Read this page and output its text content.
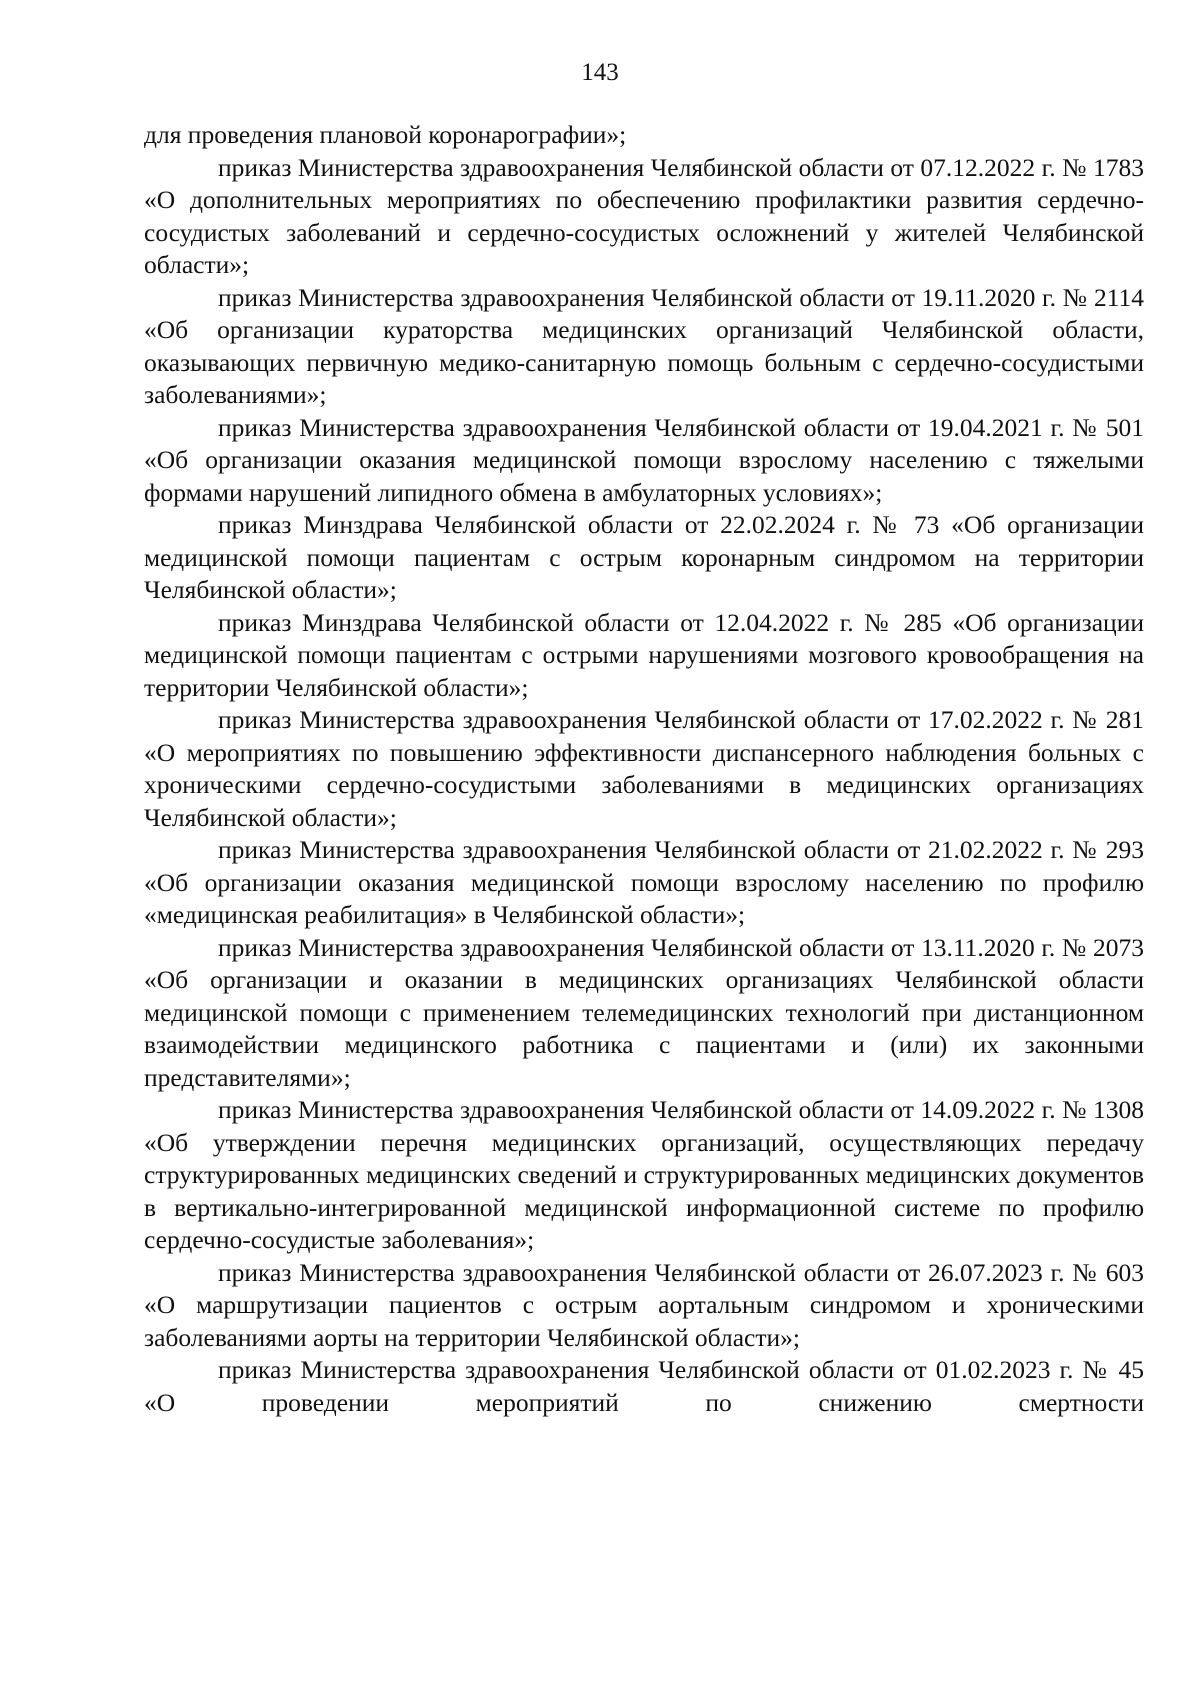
143

для проведения плановой коронарографии»;

приказ Министерства здравоохранения Челябинской области от 07.12.2022 г. № 1783 «О дополнительных мероприятиях по обеспечению профилактики развития сердечно-сосудистых заболеваний и сердечно-сосудистых осложнений у жителей Челябинской области»;

приказ Министерства здравоохранения Челябинской области от 19.11.2020 г. № 2114 «Об организации кураторства медицинских организаций Челябинской области, оказывающих первичную медико-санитарную помощь больным с сердечно-сосудистыми заболеваниями»;

приказ Министерства здравоохранения Челябинской области от 19.04.2021 г. № 501 «Об организации оказания медицинской помощи взрослому населению с тяжелыми формами нарушений липидного обмена в амбулаторных условиях»;

приказ Минздрава Челябинской области от 22.02.2024 г. № 73 «Об организации медицинской помощи пациентам с острым коронарным синдромом на территории Челябинской области»;

приказ Минздрава Челябинской области от 12.04.2022 г. № 285 «Об организации медицинской помощи пациентам с острыми нарушениями мозгового кровообращения на территории Челябинской области»;

приказ Министерства здравоохранения Челябинской области от 17.02.2022 г. № 281 «О мероприятиях по повышению эффективности диспансерного наблюдения больных с хроническими сердечно-сосудистыми заболеваниями в медицинских организациях Челябинской области»;

приказ Министерства здравоохранения Челябинской области от 21.02.2022 г. № 293 «Об организации оказания медицинской помощи взрослому населению по профилю «медицинская реабилитация» в Челябинской области»;

приказ Министерства здравоохранения Челябинской области от 13.11.2020 г. № 2073 «Об организации и оказании в медицинских организациях Челябинской области медицинской помощи с применением телемедицинских технологий при дистанционном взаимодействии медицинского работника с пациентами и (или) их законными представителями»;

приказ Министерства здравоохранения Челябинской области от 14.09.2022 г. № 1308 «Об утверждении перечня медицинских организаций, осуществляющих передачу структурированных медицинских сведений и структурированных медицинских документов в вертикально-интегрированной медицинской информационной системе по профилю сердечно-сосудистые заболевания»;

приказ Министерства здравоохранения Челябинской области от 26.07.2023 г. № 603 «О маршрутизации пациентов с острым аортальным синдромом и хроническими заболеваниями аорты на территории Челябинской области»;

приказ Министерства здравоохранения Челябинской области от 01.02.2023 г. № 45 «О проведении мероприятий по снижению смертности
